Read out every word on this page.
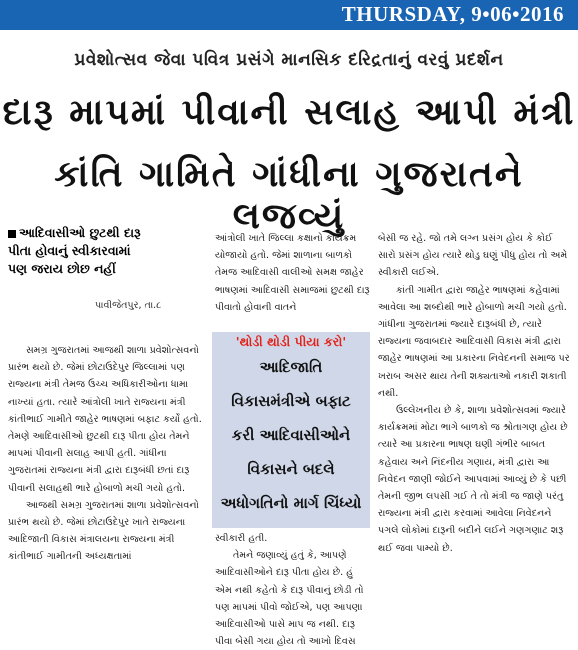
THURSDAY, 9•06•2016
પ્રવેશોત્સવ જેવા પવિત્ર પ્રસંગે માનસિક દરિદ્રતાનું વરવું પ્રદર્શન
દારૂ માપમાં પીવાની સલાહ આપી મંત્રી
કાંતિ ગામિતે ગાંધીના ગુજરાતને લજવ્યું
આદિવાસીઓ છુટથી દારૂ
પીતા હોવાનું સ્વીકારવામાં
પણ જરાય છોછ નહીં
પાવીજેતપુર, તા.૮

સમગ્ર ગુજરાતમાં આજથી શાળા પ્રવેશોત્સવનો પ્રારંભ થયો છે. જેમાં છોટાઉદેપુર જિલ્લામાં પણ રાજ્યના મંત્રી તેમજ ઉચ્ચ અધિકારીઓના ધામા નાખ્યાં હતા. ત્યારે આંત્રોલી ખાતે રાજ્યના મંત્રી કાંતીભાઈ ગામીતે જાહેર ભાષણમાં બફાટ કર્યો હતો. તેમણે આદિવાસીઓ છુટથી દારૂ પીતા હોય તેમને માપમાં પીવાની સલાહ આપી હતી. ગાંધીના ગુજરાતમાં રાજ્યના મંત્રી દ્વારા દારૂબંધી છતાં દારૂ પીવાની સલાહથી ભારે હોબાળો મચી ગયો હતો.

આજથી સમગ્ર ગુજરાતમાં શાળા પ્રવેશોત્સવનો પ્રારંભ થયો છે. જેમાં છોટાઉદેપુર ખાતે રાજ્યના આદિજાતી વિકાસ મંત્રાલયના રાજ્યના મંત્રી કાંતીભાઈ ગામીતની અધ્યક્ષતામાં

આંત્રોલી ખાતે જિલ્લા કક્ષાનો કાર્યક્રમ યોજાયો હતો. જેમાં શાળાના બાળકો તેમજ આદિવાસી વાલીઓ સમક્ષ જાહેર ભાષણમાં આદિવાસી સમાજમાં છુટથી દારૂ પીવાતો હોવાની વાતને

'થોડી થોડી પીયા કરો'
આદિજાતિ
વિકાસમંત્રીએ બફાટ
કરી આદિવાસીઓને
વિકાસને બદલે
અધોગતિનો માર્ગ ચિંધ્યો

સ્વીકારી હતી.

તેમને જણાવ્યું હતું કે, આપણે આદિવાસીઓને દારૂ પીતા હોય છે. હું એમ નથી કહેતો કે દારૂ પીવાનું છોડી તો પણ માપમાં પીવો જોઈએ, પણ આપણા આદિવાસીઓ પાસે માપ જ નથી. દારૂ પીવા બેસી ગયા હોય તો આખો દિવસ

બેસી જ રહે. જો તમે લગ્ન પ્રસંગ હોય કે કોઈ સારો પ્રસંગ હોય ત્યારે થોડુ ઘણું પીધુ હોય તો અમે સ્વીકારી લઈએ.

કાંતી ગામીત દ્વારા જાહેર ભાષણમાં કહેવામાં આવેલા આ શબ્દોથી ભારે હોબાળો મચી ગયો હતો. ગાંધીના ગુજરાતમાં જ્યારે દારૂબંધી છે, ત્યારે રાજ્યના જવાબદાર આદિવાસી વિકાસ મંત્રી દ્વારા જાહેર ભાષણમાં આ પ્રકારના નિવેદનની સમાજ પર ખરાબ અસર થાય તેની શક્યતાઓ નકારી શકાતી નથી.

ઉલ્લેખનીય છે કે, શાળા પ્રવેશોત્સવમાં જ્યારે કાર્યક્રમમાં મોટા ભાગે બાળકો જ શ્રોતાગણ હોય છે ત્યારે આ પ્રકારના ભાષણ ઘણી ગંભીર બાબત કહેવાય અને નિંદનીય ગણાય, મંત્રી દ્વારા આ નિવેદન જાણી જોઈને આપવામાં આવ્યું છે કે પછી તેમની જીભ લપસી ગઈ તે તો મંત્રી જ જાણે પરંતુ રાજ્યના મંત્રી દ્વારા કરવામાં આવેલા નિવેદનને પગલે લોકોમાં દારૂની બદીને લઈને ગણગણાટ શરૂ થઈ જવા પામ્યો છે.
